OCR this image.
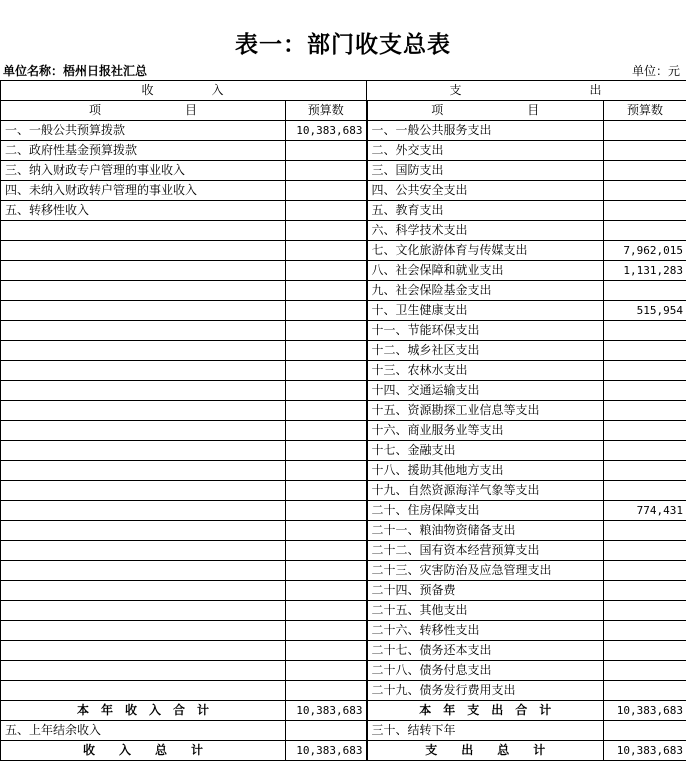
表一：部门收支总表
单位名称：梧州日报社汇总	单位：元
收　　　　入		支　　　　　　　　　出	
项　　　　　　　目	预算数	项　　　　　　　目	预算数
一、一般公共预算拨款	10,383,683	一、一般公共服务支出	
二、政府性基金预算拨款		二、外交支出	
三、纳入财政专户管理的事业收入		三、国防支出	
四、未纳入财政转户管理的事业收入		四、公共安全支出	
五、转移性收入		五、教育支出	
		六、科学技术支出	
		七、文化旅游体育与传媒支出	7,962,015
		八、社会保障和就业支出	1,131,283
		九、社会保险基金支出	
		十、卫生健康支出	515,954
		十一、节能环保支出	
		十二、城乡社区支出	
		十三、农林水支出	
		十四、交通运输支出	
		十五、资源勘探工业信息等支出	
		十六、商业服务业等支出	
		十七、金融支出	
		十八、援助其他地方支出	
		十九、自然资源海洋气象等支出	
		二十、住房保障支出	774,431
		二十一、粮油物资储备支出	
		二十二、国有资本经营预算支出	
		二十三、灾害防治及应急管理支出	
		二十四、预备费	
		二十五、其他支出	
		二十六、转移性支出	
		二十七、债务还本支出	
		二十八、债务付息支出	
		二十九、债务发行费用支出	
本　年　收　入　合　计	10,383,683	本　年　支　出　合　计	10,383,683
五、上年结余收入		三十、结转下年	
收　　入　　总　　计	10,383,683	支　　出　　总　　计	10,383,683
